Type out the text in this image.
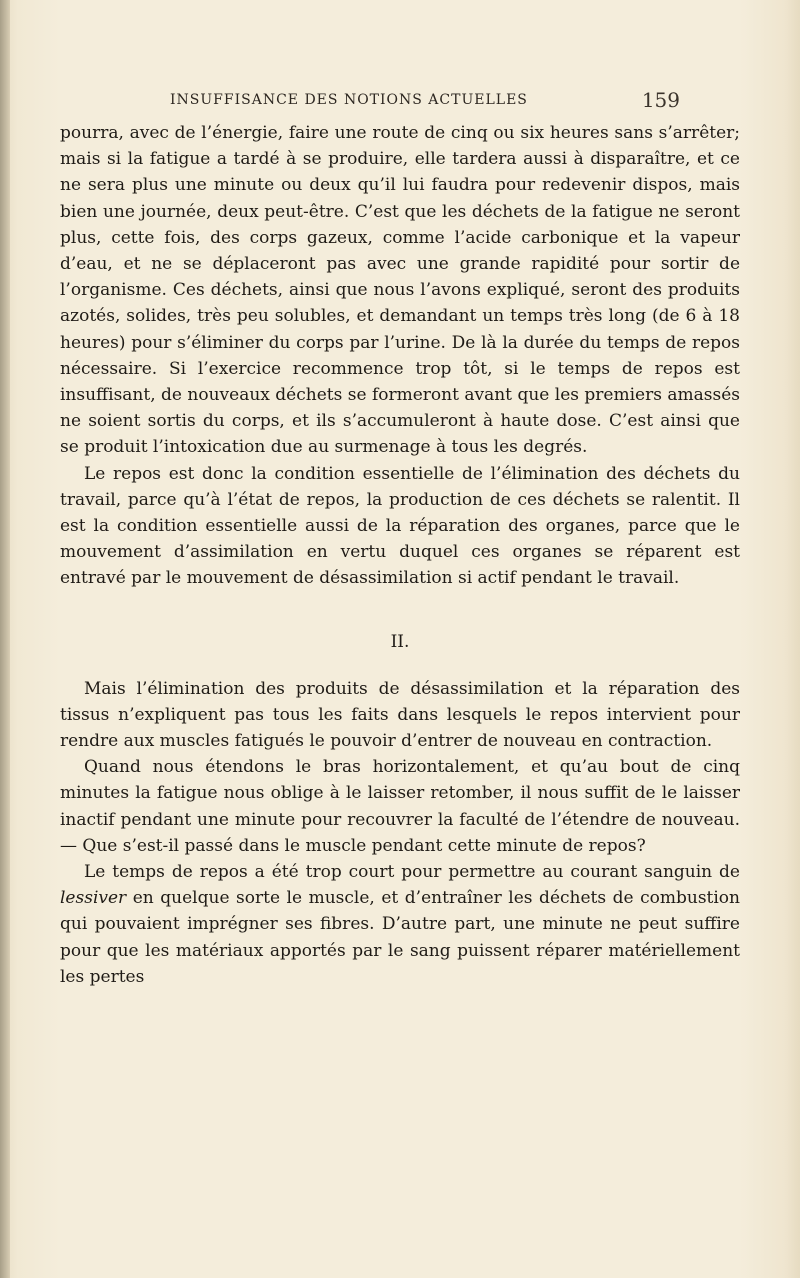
INSUFFISANCE DES NOTIONS ACTUELLES	159

pourra, avec de l’énergie, faire une route de cinq ou six heures sans s’arrêter; mais si la fatigue a tardé à se produire, elle tardera aussi à disparaître, et ce ne sera plus une minute ou deux qu’il lui faudra pour redevenir dispos, mais bien une journée, deux peut-être. C’est que les déchets de la fatigue ne seront plus, cette fois, des corps gazeux, comme l’acide carbonique et la vapeur d’eau, et ne se déplaceront pas avec une grande rapidité pour sortir de l’organisme. Ces déchets, ainsi que nous l’avons expliqué, seront des produits azotés, solides, très peu solubles, et demandant un temps très long (de 6 à 18 heures) pour s’éliminer du corps par l’urine. De là la durée du temps de repos nécessaire. Si l’exercice recommence trop tôt, si le temps de repos est insuffisant, de nouveaux déchets se formeront avant que les premiers amassés ne soient sortis du corps, et ils s’accumuleront à haute dose. C’est ainsi que se produit l’intoxication due au surmenage à tous les degrés.

Le repos est donc la condition essentielle de l’élimination des déchets du travail, parce qu’à l’état de repos, la production de ces déchets se ralentit. Il est la condition essentielle aussi de la réparation des organes, parce que le mouvement d’assimilation en vertu duquel ces organes se réparent est entravé par le mouvement de désassimilation si actif pendant le travail.

II.

Mais l’élimination des produits de désassimilation et la réparation des tissus n’expliquent pas tous les faits dans lesquels le repos intervient pour rendre aux muscles fatigués le pouvoir d’entrer de nouveau en contraction.

Quand nous étendons le bras horizontalement, et qu’au bout de cinq minutes la fatigue nous oblige à le laisser retomber, il nous suffit de le laisser inactif pendant une minute pour recouvrer la faculté de l’étendre de nouveau. — Que s’est-il passé dans le muscle pendant cette minute de repos?

Le temps de repos a été trop court pour permettre au courant sanguin de lessiver en quelque sorte le muscle, et d’entraîner les déchets de combustion qui pouvaient imprégner ses fibres. D’autre part, une minute ne peut suffire pour que les matériaux apportés par le sang puissent réparer matériellement les pertes
